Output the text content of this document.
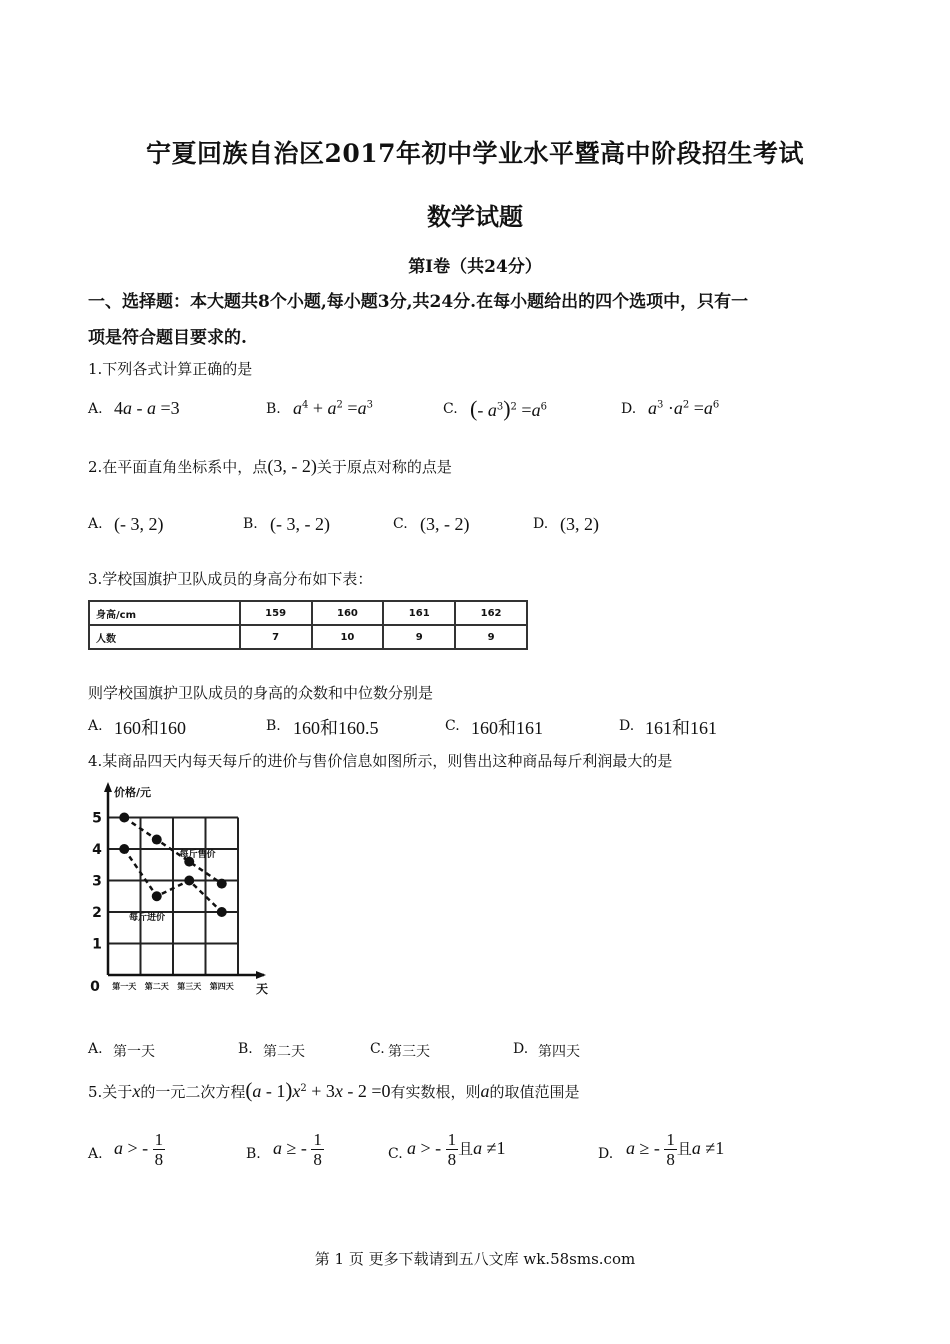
宁夏回族自治区2017年初中学业水平暨高中阶段招生考试
数学试题
第Ⅰ卷（共24分）
一、选择题：本大题共8个小题,每小题3分,共24分.在每小题给出的四个选项中，只有一
项是符合题目要求的.
1.下列各式计算正确的是
A. 4a - a =3	B. $a^4 + a^2 =a^3$	C. (- $a^3)^2 =a^6$	D. $a^3 \cdot a^2 =a^6$
2.在平面直角坐标系中，点(3, - 2)关于原点对称的点是
A. (- 3, 2)	B. (- 3, - 2)	C. (3, - 2)	D. (3, 2)
3.学校国旗护卫队成员的身高分布如下表：
身高/cm	159	160	161	162
人数	7	10	9	9
则学校国旗护卫队成员的身高的众数和中位数分别是
A. 160和160	B. 160和160.5	C. 160和161	D. 161和161
4.某商品四天内每天每斤的进价与售价信息如图所示，则售出这种商品每斤利润最大的是
1
2
3
4
5
0
价格/元
天
第一天 第二天 第三天 第四天
每斤售价
每斤进价
A. 第一天	B. 第二天	C. 第三天	D. 第四天
5.关于x的一元二次方程$(a - 1)x^2 + 3x - 2 =0$有实数根，则a的取值范围是
A. a > - $\frac{1}{8}$	B. a ≥ - $\frac{1}{8}$	C. a > - $\frac{1}{8}$ 且a ≠1	D. a ≥ - $\frac{1}{8}$ 且a ≠1
第 1 页 更多下载请到五八文库 wk.58sms.com
